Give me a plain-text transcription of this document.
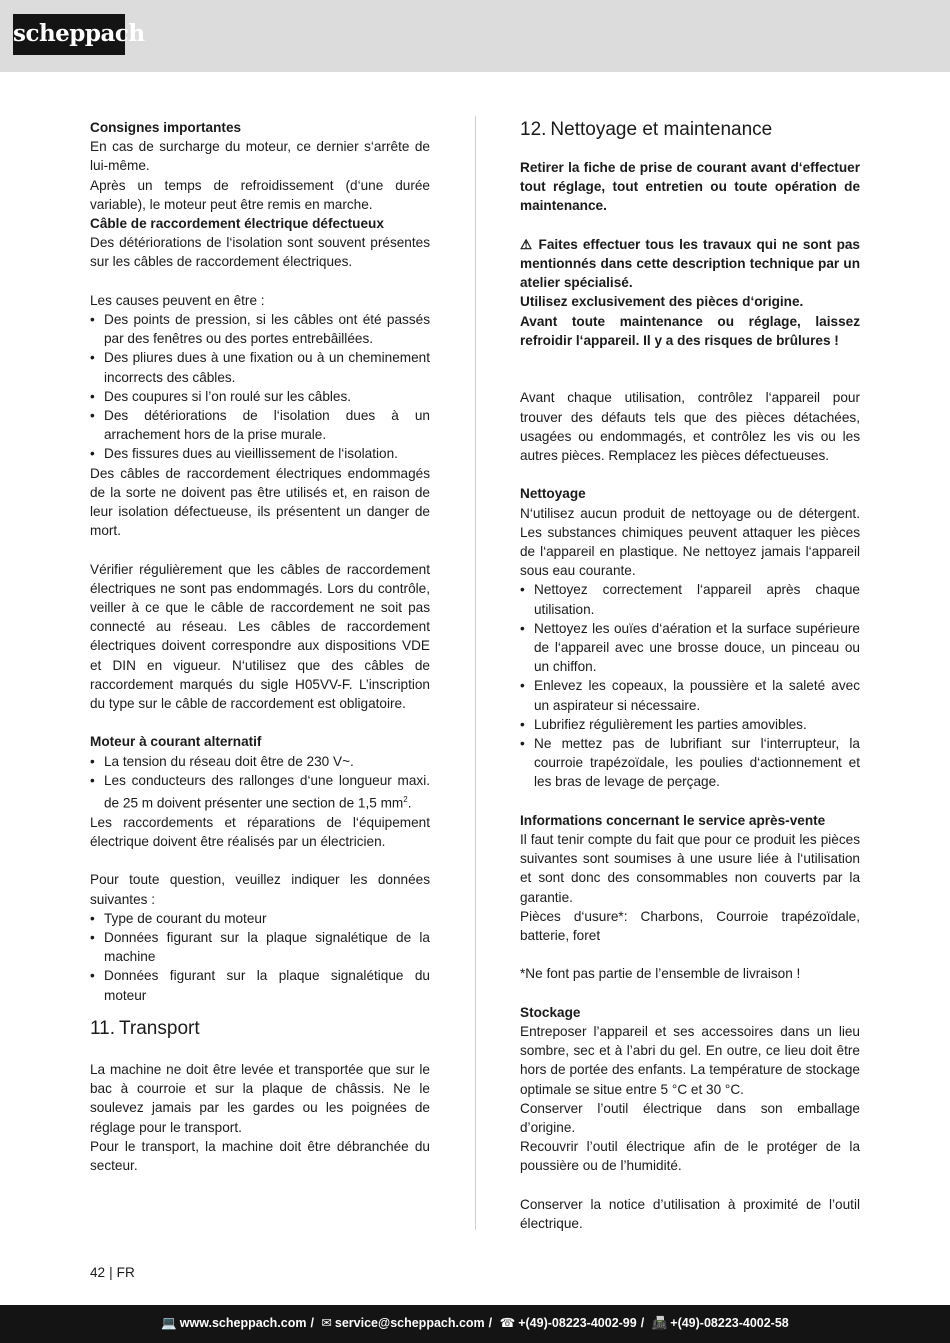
scheppach

Consignes importantes

En cas de surcharge du moteur, ce dernier s‘arrête de lui-même.

Après un temps de refroidissement (d‘une durée variable), le moteur peut être remis en marche.

Câble de raccordement électrique défectueux

Des détériorations de l‘isolation sont souvent présentes sur les câbles de raccordement électriques.

Les causes peuvent en être :

• Des points de pression, si les câbles ont été passés par des fenêtres ou des portes entrebâillées.
• Des pliures dues à une fixation ou à un cheminement incorrects des câbles.
• Des coupures si l’on roulé sur les câbles.
• Des détériorations de l‘isolation dues à un arrachement hors de la prise murale.
• Des fissures dues au vieillissement de l‘isolation.

Des câbles de raccordement électriques endommagés de la sorte ne doivent pas être utilisés et, en raison de leur isolation défectueuse, ils présentent un danger de mort.

Vérifier régulièrement que les câbles de raccordement électriques ne sont pas endommagés. Lors du contrôle, veiller à ce que le câble de raccordement ne soit pas connecté au réseau. Les câbles de raccordement électriques doivent correspondre aux dispositions VDE et DIN en vigueur. N‘utilisez que des câbles de raccordement marqués du sigle H05VV-F. L’inscription du type sur le câble de raccordement est obligatoire.

Moteur à courant alternatif

• La tension du réseau doit être de 230 V~.
• Les conducteurs des rallonges d‘une longueur maxi. de 25 m doivent présenter une section de 1,5 $mm^2$.

Les raccordements et réparations de l‘équipement électrique doivent être réalisés par un électricien.

Pour toute question, veuillez indiquer les données suivantes :

• Type de courant du moteur
• Données figurant sur la plaque signalétique de la machine
• Données figurant sur la plaque signalétique du moteur

11. Transport

La machine ne doit être levée et transportée que sur le bac à courroie et sur la plaque de châssis. Ne le soulevez jamais par les gardes ou les poignées de réglage pour le transport.

Pour le transport, la machine doit être débranchée du secteur.

12. Nettoyage et maintenance

Retirer la fiche de prise de courant avant d‘effectuer tout réglage, tout entretien ou toute opération de maintenance.

⚠ Faites effectuer tous les travaux qui ne sont pas mentionnés dans cette description technique par un atelier spécialisé.

Utilisez exclusivement des pièces d‘origine.

Avant toute maintenance ou réglage, laissez refroidir l‘appareil. Il y a des risques de brûlures !

Avant chaque utilisation, contrôlez l‘appareil pour trouver des défauts tels que des pièces détachées, usagées ou endommagés, et contrôlez les vis ou les autres pièces. Remplacez les pièces défectueuses.

Nettoyage

N‘utilisez aucun produit de nettoyage ou de détergent. Les substances chimiques peuvent attaquer les pièces de l‘appareil en plastique. Ne nettoyez jamais l‘appareil sous eau courante.

• Nettoyez correctement l‘appareil après chaque utilisation.
• Nettoyez les ouïes d‘aération et la surface supérieure de l‘appareil avec une brosse douce, un pinceau ou un chiffon.
• Enlevez les copeaux, la poussière et la saleté avec un aspirateur si nécessaire.
• Lubrifiez régulièrement les parties amovibles.
• Ne mettez pas de lubrifiant sur l‘interrupteur, la courroie trapézoïdale, les poulies d‘actionnement et les bras de levage de perçage.

Informations concernant le service après-vente

Il faut tenir compte du fait que pour ce produit les pièces suivantes sont soumises à une usure liée à l‘utilisation et sont donc des consommables non couverts par la garantie.

Pièces d‘usure*: Charbons, Courroie trapézoïdale, batterie, foret

*Ne font pas partie de l’ensemble de livraison !

Stockage

Entreposer l’appareil et ses accessoires dans un lieu sombre, sec et à l’abri du gel. En outre, ce lieu doit être hors de portée des enfants. La température de stockage optimale se situe entre 5 °C et 30 °C.

Conserver l’outil électrique dans son emballage d’origine.

Recouvrir l’outil électrique afin de le protéger de la poussière ou de l’humidité.

Conserver la notice d’utilisation à proximité de l’outil électrique.

42 | FR
💻 www.scheppach.com / ✉ service@scheppach.com / ☎ +(49)-08223-4002-99 / 📠 +(49)-08223-4002-58
